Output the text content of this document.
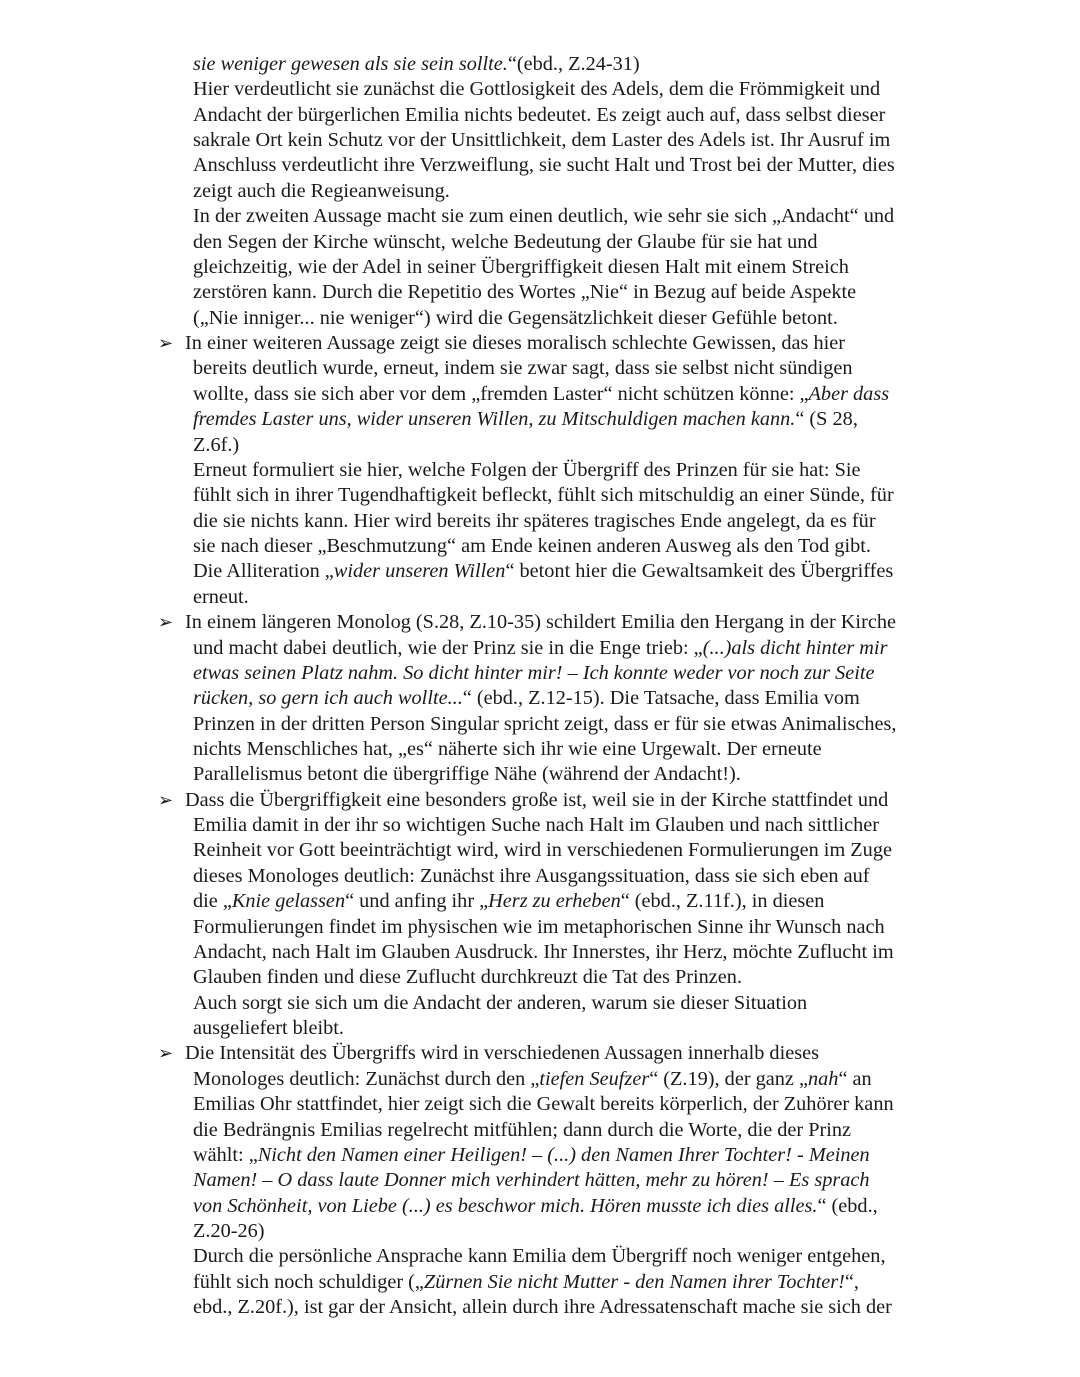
sie weniger gewesen als sie sein sollte.“(ebd., Z.24-31)
Hier verdeutlicht sie zunächst die Gottlosigkeit des Adels, dem die Frömmigkeit und
Andacht der bürgerlichen Emilia nichts bedeutet. Es zeigt auch auf, dass selbst dieser
sakrale Ort kein Schutz vor der Unsittlichkeit, dem Laster des Adels ist. Ihr Ausruf im
Anschluss verdeutlicht ihre Verzweiflung, sie sucht Halt und Trost bei der Mutter, dies
zeigt auch die Regieanweisung.
In der zweiten Aussage macht sie zum einen deutlich, wie sehr sie sich „Andacht“ und
den Segen der Kirche wünscht, welche Bedeutung der Glaube für sie hat und
gleichzeitig, wie der Adel in seiner Übergriffigkeit diesen Halt mit einem Streich
zerstören kann. Durch die Repetitio des Wortes „Nie“ in Bezug auf beide Aspekte
(„Nie inniger... nie weniger“) wird die Gegensätzlichkeit dieser Gefühle betont.
➢ In einer weiteren Aussage zeigt sie dieses moralisch schlechte Gewissen, das hier
bereits deutlich wurde, erneut, indem sie zwar sagt, dass sie selbst nicht sündigen
wollte, dass sie sich aber vor dem „fremden Laster“ nicht schützen könne: „Aber dass
fremdes Laster uns, wider unseren Willen, zu Mitschuldigen machen kann.“ (S 28,
Z.6f.)
Erneut formuliert sie hier, welche Folgen der Übergriff des Prinzen für sie hat: Sie
fühlt sich in ihrer Tugendhaftigkeit befleckt, fühlt sich mitschuldig an einer Sünde, für
die sie nichts kann. Hier wird bereits ihr späteres tragisches Ende angelegt, da es für
sie nach dieser „Beschmutzung“ am Ende keinen anderen Ausweg als den Tod gibt.
Die Alliteration „wider unseren Willen“ betont hier die Gewaltsamkeit des Übergriffes
erneut.
➢ In einem längeren Monolog (S.28, Z.10-35) schildert Emilia den Hergang in der Kirche
und macht dabei deutlich, wie der Prinz sie in die Enge trieb: „(...)als dicht hinter mir
etwas seinen Platz nahm. So dicht hinter mir! – Ich konnte weder vor noch zur Seite
rücken, so gern ich auch wollte...“ (ebd., Z.12-15). Die Tatsache, dass Emilia vom
Prinzen in der dritten Person Singular spricht zeigt, dass er für sie etwas Animalisches,
nichts Menschliches hat, „es“ näherte sich ihr wie eine Urgewalt. Der erneute
Parallelismus betont die übergriffige Nähe (während der Andacht!).
➢ Dass die Übergriffigkeit eine besonders große ist, weil sie in der Kirche stattfindet und
Emilia damit in der ihr so wichtigen Suche nach Halt im Glauben und nach sittlicher
Reinheit vor Gott beeinträchtigt wird, wird in verschiedenen Formulierungen im Zuge
dieses Monologes deutlich: Zunächst ihre Ausgangssituation, dass sie sich eben auf
die „Knie gelassen“ und anfing ihr „Herz zu erheben“ (ebd., Z.11f.), in diesen
Formulierungen findet im physischen wie im metaphorischen Sinne ihr Wunsch nach
Andacht, nach Halt im Glauben Ausdruck. Ihr Innerstes, ihr Herz, möchte Zuflucht im
Glauben finden und diese Zuflucht durchkreuzt die Tat des Prinzen.
Auch sorgt sie sich um die Andacht der anderen, warum sie dieser Situation
ausgeliefert bleibt.
➢ Die Intensität des Übergriffs wird in verschiedenen Aussagen innerhalb dieses
Monologes deutlich: Zunächst durch den „tiefen Seufzer“ (Z.19), der ganz „nah“ an
Emilias Ohr stattfindet, hier zeigt sich die Gewalt bereits körperlich, der Zuhörer kann
die Bedrängnis Emilias regelrecht mitfühlen; dann durch die Worte, die der Prinz
wählt: „Nicht den Namen einer Heiligen! – (...) den Namen Ihrer Tochter! - Meinen
Namen! – O dass laute Donner mich verhindert hätten, mehr zu hören! – Es sprach
von Schönheit, von Liebe (...) es beschwor mich. Hören musste ich dies alles.“ (ebd.,
Z.20-26)
Durch die persönliche Ansprache kann Emilia dem Übergriff noch weniger entgehen,
fühlt sich noch schuldiger („Zürnen Sie nicht Mutter - den Namen ihrer Tochter!“,
ebd., Z.20f.), ist gar der Ansicht, allein durch ihre Adressatenschaft mache sie sich der
